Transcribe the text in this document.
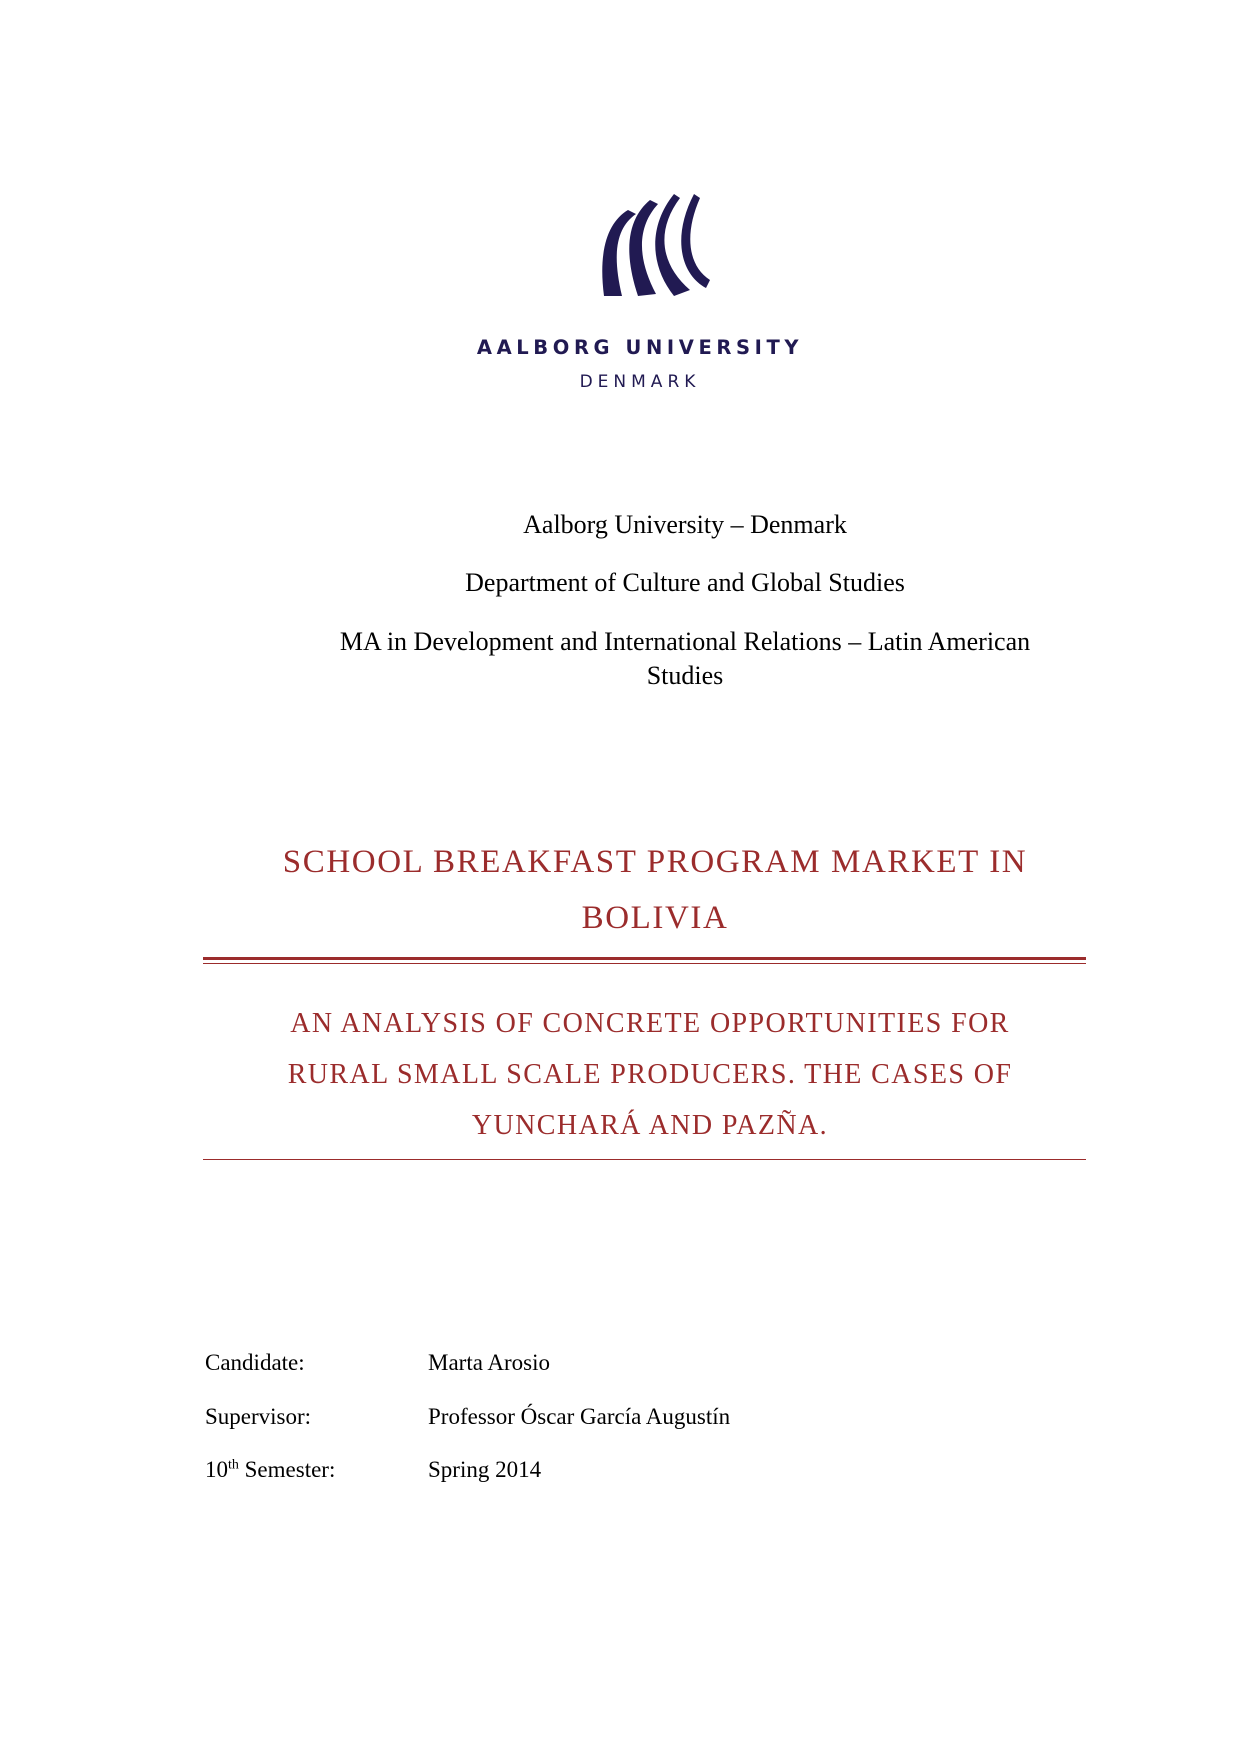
AALBORG UNIVERSITY
DENMARK
Aalborg University – Denmark
Department of Culture and Global Studies
MA in Development and International Relations – Latin American
Studies
SCHOOL BREAKFAST PROGRAM MARKET IN
BOLIVIA
AN ANALYSIS OF CONCRETE OPPORTUNITIES FOR
RURAL SMALL SCALE PRODUCERS. THE CASES OF
YUNCHARÁ AND PAZÑA.
Candidate:	Marta Arosio
Supervisor:	Professor Óscar García Augustín
10th Semester:	Spring 2014
